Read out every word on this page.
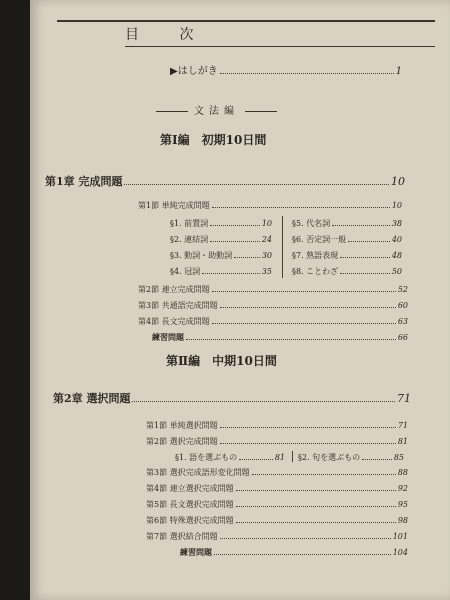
目 次
▶はしがき	1
文法編
第Ⅰ編　初期10日間
第1章 完成問題	10
第1節 単純完成問題	10
§1. 前置詞	10
§2. 連結詞	24
§3. 動詞・助動詞	30
§4. 冠詞	35
§5. 代名詞	38
§6. 否定詞一般	40
§7. 熟語表現	48
§8. ことわざ	50
第2節 連立完成問題	52
第3節 共通語完成問題	60
第4節 長文完成問題	63
練習問題	66
第Ⅱ編　中期10日間
第2章 選択問題	71
第1節 単純選択問題	71
第2節 選択完成問題	81
§1. 語を選ぶもの	81 §2. 句を選ぶもの	85
第3節 選択完成語形変化問題	88
第4節 連立選択完成問題	92
第5節 長文選択完成問題	95
第6節 特殊選択完成問題	98
第7節 選択結合問題	101
練習問題	104
